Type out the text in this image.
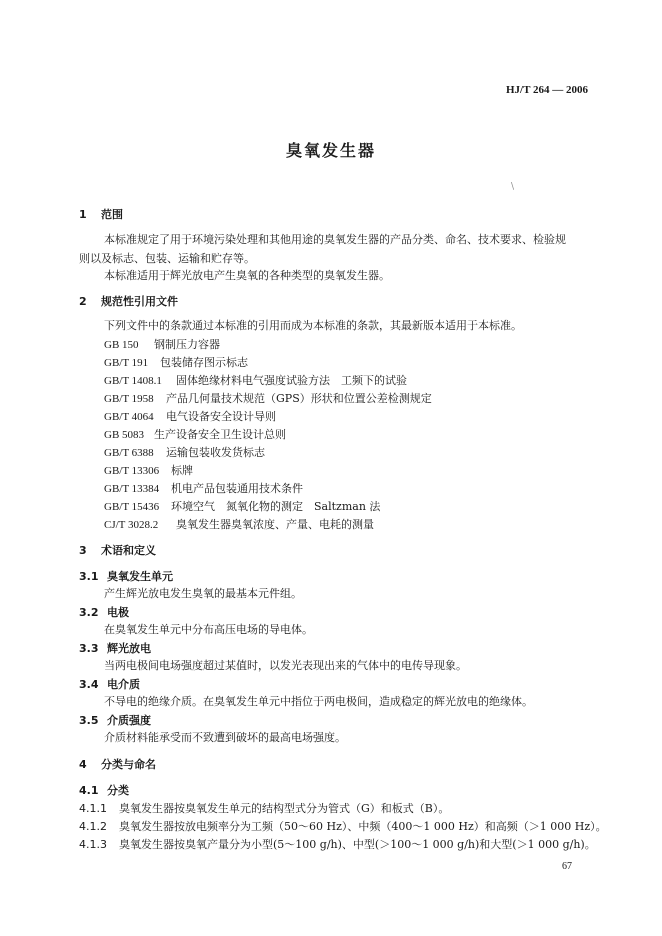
HJ/T 264 — 2006
臭氧发生器
\
1 范围
本标准规定了用于环境污染处理和其他用途的臭氧发生器的产品分类、命名、技术要求、检验规
则以及标志、包装、运输和贮存等。
本标准适用于辉光放电产生臭氧的各种类型的臭氧发生器。
2 规范性引用文件
下列文件中的条款通过本标准的引用而成为本标准的条款，其最新版本适用于本标准。
GB 150 钢制压力容器
GB/T 191 包装储存图示标志
GB/T 1408.1 固体绝缘材料电气强度试验方法　工频下的试验
GB/T 1958 产品几何量技术规范（GPS）形状和位置公差检测规定
GB/T 4064 电气设备安全设计导则
GB 5083 生产设备安全卫生设计总则
GB/T 6388 运输包装收发货标志
GB/T 13306 标牌
GB/T 13384 机电产品包装通用技术条件
GB/T 15436 环境空气　氮氧化物的测定　Saltzman 法
CJ/T 3028.2 臭氧发生器臭氧浓度、产量、电耗的测量
3 术语和定义
3.1 臭氧发生单元
产生辉光放电发生臭氧的最基本元件组。
3.2 电极
在臭氧发生单元中分布高压电场的导电体。
3.3 辉光放电
当两电极间电场强度超过某值时，以发光表现出来的气体中的电传导现象。
3.4 电介质
不导电的绝缘介质。在臭氧发生单元中指位于两电极间，造成稳定的辉光放电的绝缘体。
3.5 介质强度
介质材料能承受而不致遭到破坏的最高电场强度。
4 分类与命名
4.1 分类
4.1.1 臭氧发生器按臭氧发生单元的结构型式分为管式（G）和板式（B）。
4.1.2 臭氧发生器按放电频率分为工频（50～60 Hz）、中频（400～1 000 Hz）和高频（＞1 000 Hz）。
4.1.3 臭氧发生器按臭氧产量分为小型(5～100 g/h)、中型(＞100～1 000 g/h)和大型(＞1 000 g/h)。
67
